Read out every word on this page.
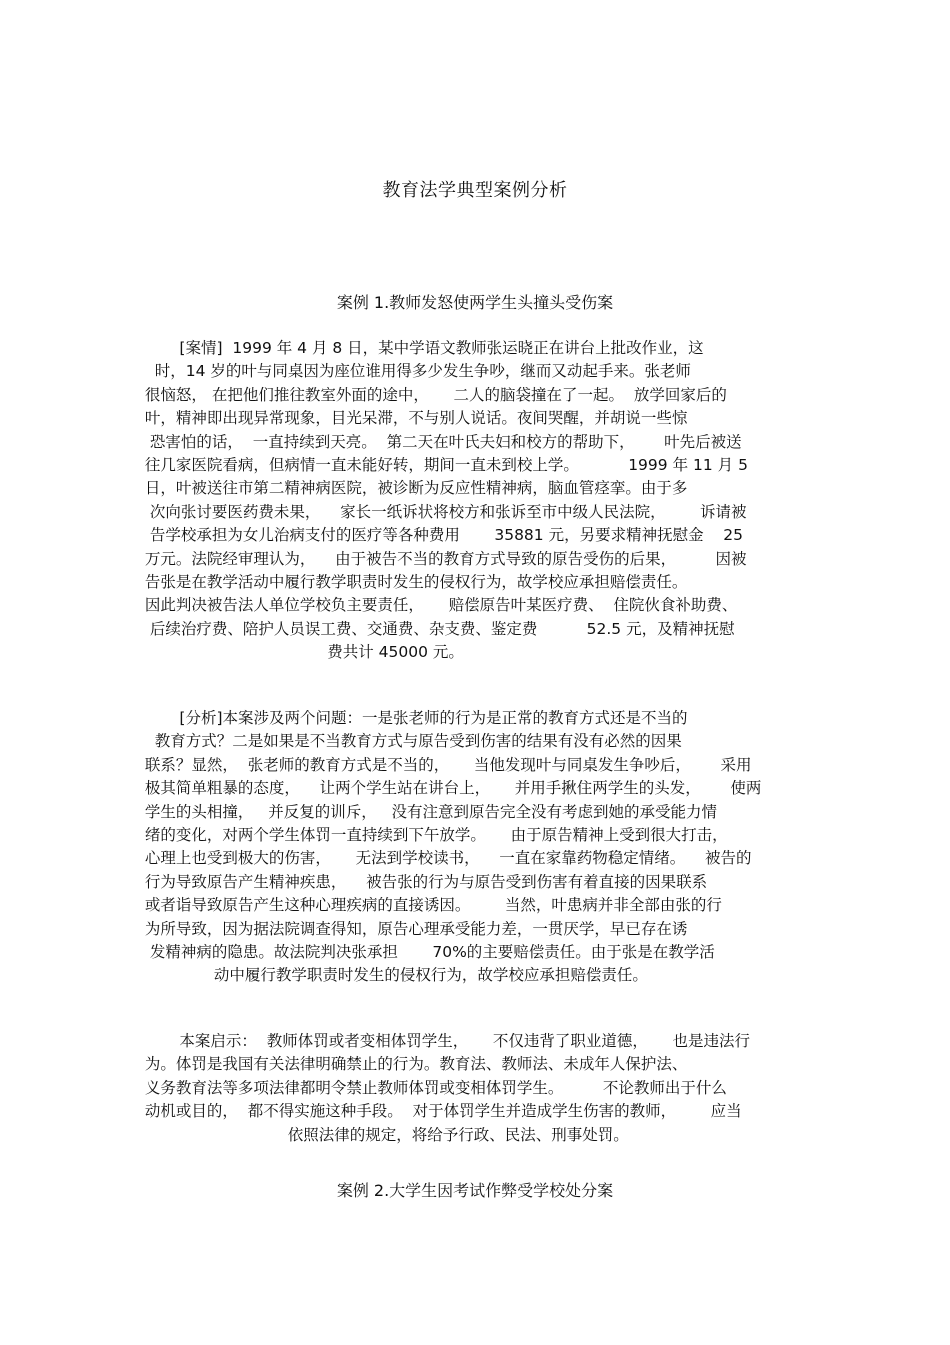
教育法学典型案例分析
案例 1.教师发怒使两学生头撞头受伤案
[案情]  1999 年 4 月 8 日，某中学语文教师张运晓正在讲台上批改作业，这
时，14 岁的叶与同桌因为座位谁用得多少发生争吵，继而又动起手来。张老师
很恼怒， 在把他们推往教室外面的途中，     二人的脑袋撞在了一起。  放学回家后的
叶，精神即出现异常现象，目光呆滞，不与别人说话。夜间哭醒，并胡说一些惊
恐害怕的话，  一直持续到天亮。  第二天在叶氏夫妇和校方的帮助下，      叶先后被送
往几家医院看病，但病情一直未能好转，期间一直未到校上学。          1999 年 11 月 5
日，叶被送往市第二精神病医院，被诊断为反应性精神病，脑血管痉挛。由于多
次向张讨要医药费未果，    家长一纸诉状将校方和张诉至市中级人民法院，       诉请被
告学校承担为女儿治病支付的医疗等各种费用       35881 元，另要求精神抚慰金    25
万元。法院经审理认为，    由于被告不当的教育方式导致的原告受伤的后果，        因被
告张是在教学活动中履行教学职责时发生的侵权行为，故学校应承担赔偿责任。
因此判决被告法人单位学校负主要责任，     赔偿原告叶某医疗费、  住院伙食补助费、
后续治疗费、陪护人员误工费、交通费、杂支费、鉴定费          52.5 元，及精神抚慰
费共计 45000 元。
[分析]本案涉及两个问题：一是张老师的行为是正常的教育方式还是不当的
教育方式？二是如果是不当教育方式与原告受到伤害的结果有没有必然的因果
联系？显然，  张老师的教育方式是不当的，     当他发现叶与同桌发生争吵后，      采用
极其简单粗暴的态度，    让两个学生站在讲台上，     并用手揪住两学生的头发，      使两
学生的头相撞，   并反复的训斥，   没有注意到原告完全没有考虑到她的承受能力情
绪的变化，对两个学生体罚一直持续到下午放学。     由于原告精神上受到很大打击，
心理上也受到极大的伤害，     无法到学校读书，    一直在家靠药物稳定情绪。    被告的
行为导致原告产生精神疾患，    被告张的行为与原告受到伤害有着直接的因果联系
或者诣导致原告产生这种心理疾病的直接诱因。       当然，叶患病并非全部由张的行
为所导致，因为据法院调查得知，原告心理承受能力差，一贯厌学，早已存在诱
发精神病的隐患。故法院判决张承担       70%的主要赔偿责任。由于张是在教学活
动中履行教学职责时发生的侵权行为，故学校应承担赔偿责任。
本案启示：  教师体罚或者变相体罚学生，     不仅违背了职业道德，     也是违法行
为。体罚是我国有关法律明确禁止的行为。教育法、教师法、未成年人保护法、
义务教育法等多项法律都明令禁止教师体罚或变相体罚学生。        不论教师出于什么
动机或目的，  都不得实施这种手段。  对于体罚学生并造成学生伤害的教师，       应当
依照法律的规定，将给予行政、民法、刑事处罚。
案例 2.大学生因考试作弊受学校处分案
